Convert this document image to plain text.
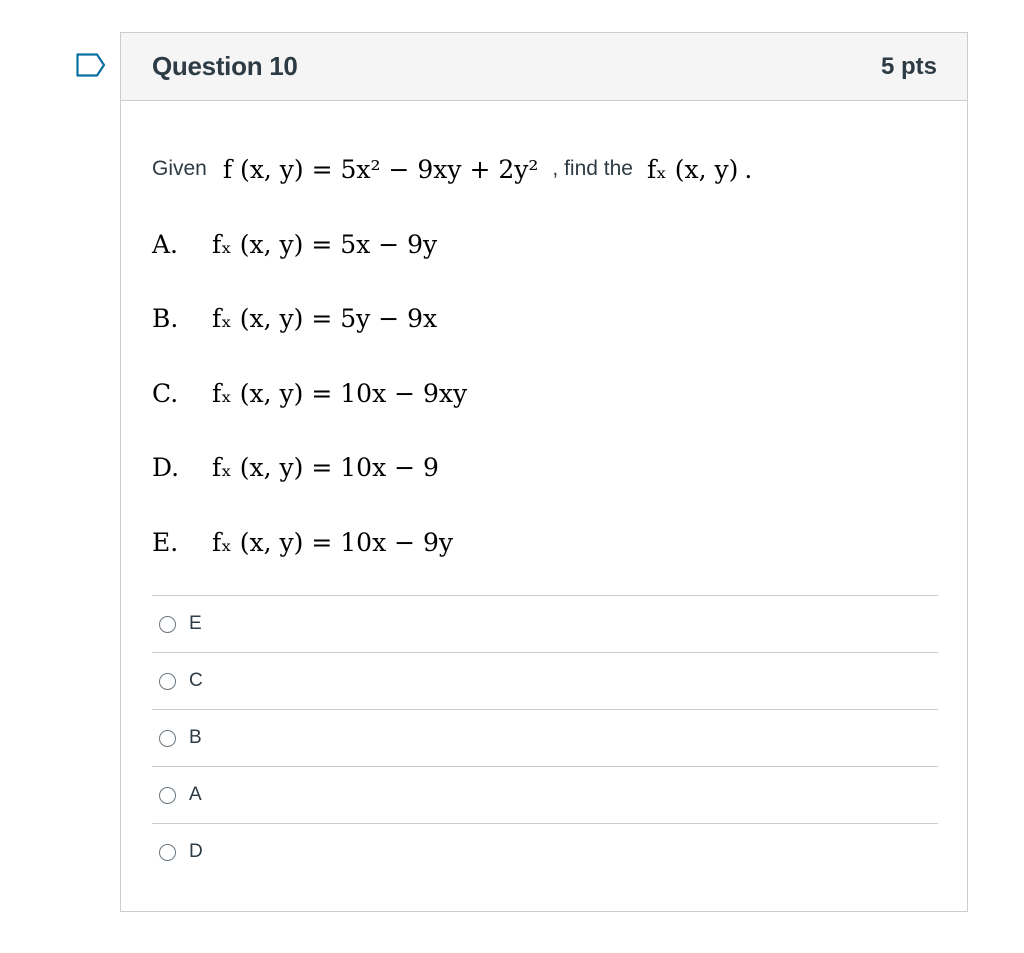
Question 10	5 pts
Given f (x, y) = 5x² − 9xy + 2y² , find the fₓ (x, y) .
A.	fₓ (x, y) = 5x − 9y
B.	fₓ (x, y) = 5y − 9x
C.	fₓ (x, y) = 10x − 9xy
D.	fₓ (x, y) = 10x − 9
E.	fₓ (x, y) = 10x − 9y
E
C
B
A
D
